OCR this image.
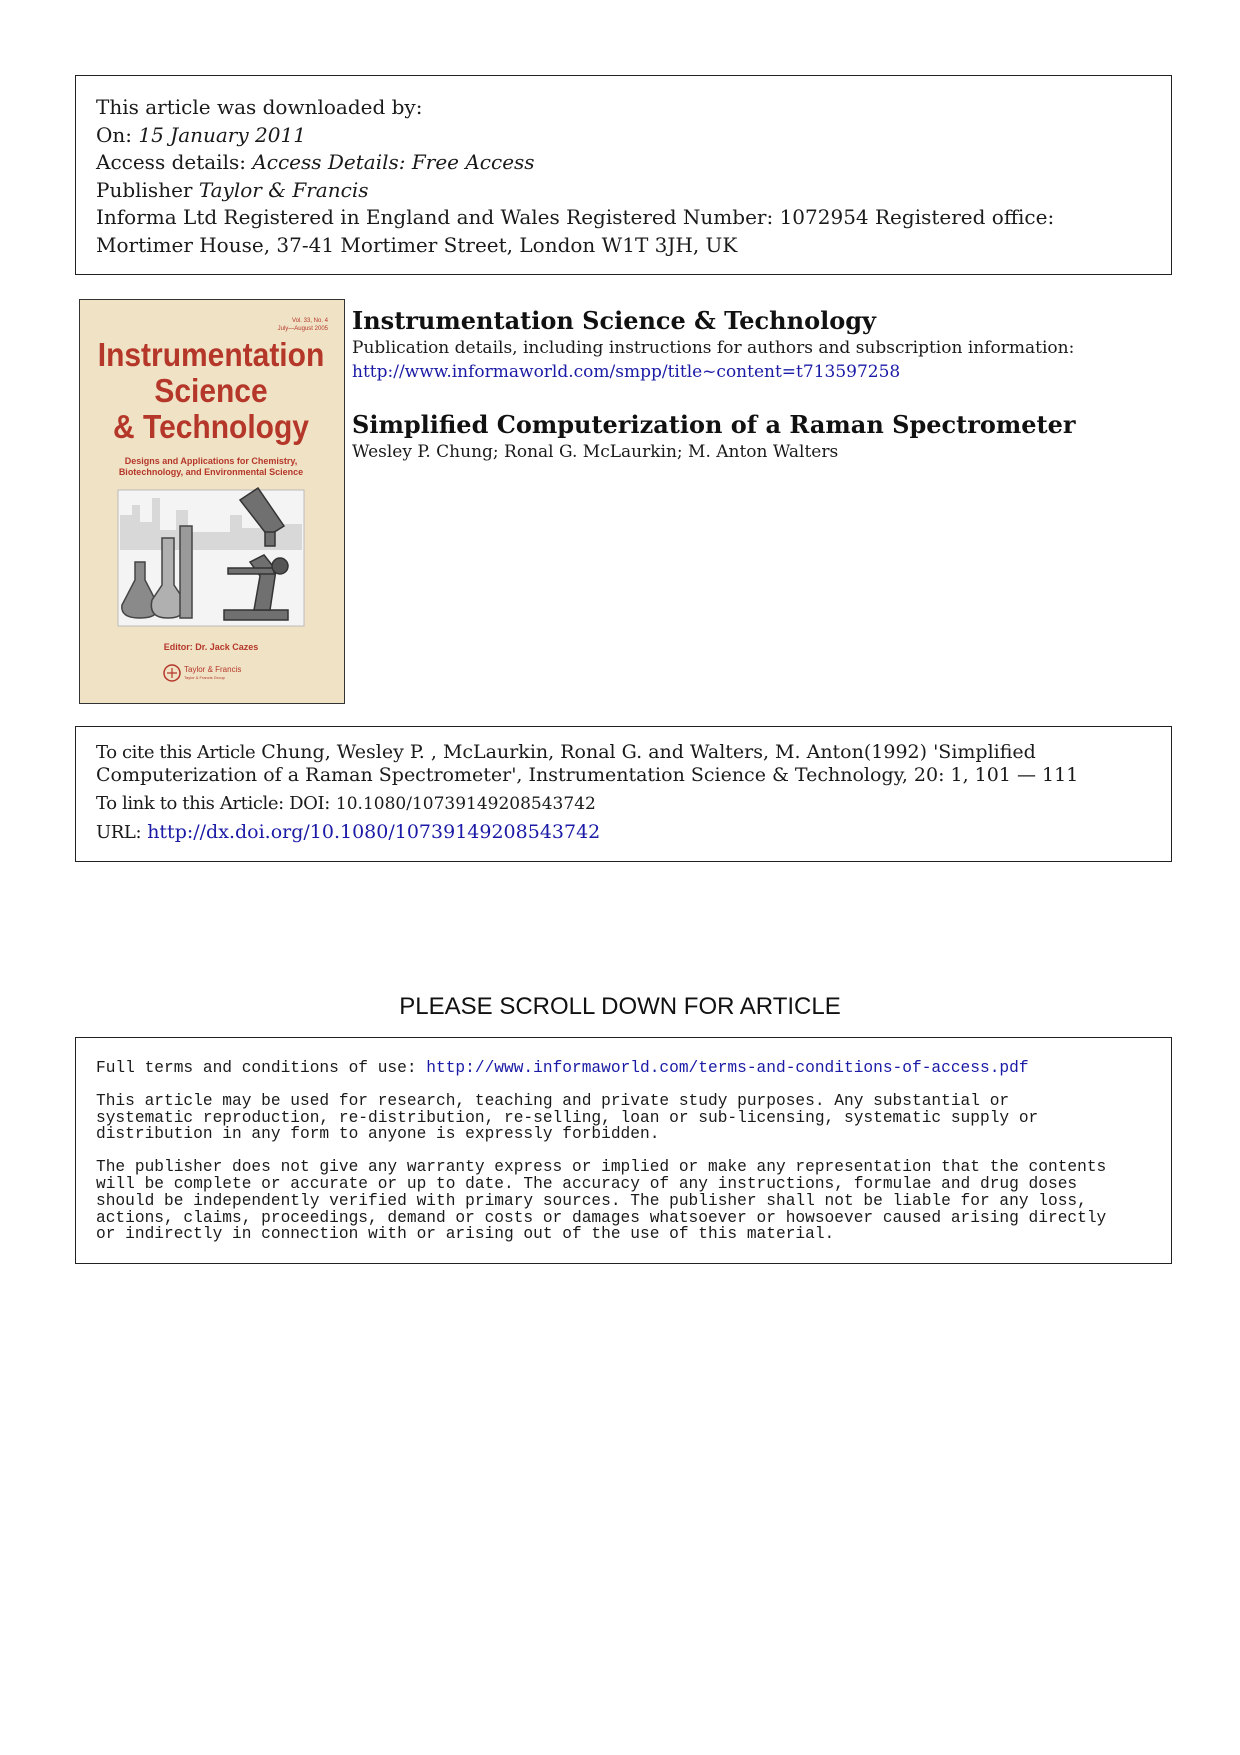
This article was downloaded by:
On: 15 January 2011
Access details: Access Details: Free Access
Publisher Taylor & Francis
Informa Ltd Registered in England and Wales Registered Number: 1072954 Registered office: Mortimer House, 37-41 Mortimer Street, London W1T 3JH, UK
Vol. 33, No. 4
July—August 2005
Instrumentation
Science
& Technology
Designs and Applications for Chemistry,
Biotechnology, and Environmental Science
Editor: Dr. Jack Cazes
Taylor & Francis
Taylor & Francis Group
Instrumentation Science & Technology

Publication details, including instructions for authors and subscription information:

http://www.informaworld.com/smpp/title~content=t713597258
Simplified Computerization of a Raman Spectrometer

Wesley P. Chung; Ronal G. McLaurkin; M. Anton Walters

To cite this Article Chung, Wesley P. , McLaurkin, Ronal G. and Walters, M. Anton(1992) 'Simplified Computerization of a Raman Spectrometer', Instrumentation Science & Technology, 20: 1, 101 — 111
To link to this Article: DOI: 10.1080/10739149208543742
URL: http://dx.doi.org/10.1080/10739149208543742

PLEASE SCROLL DOWN FOR ARTICLE

Full terms and conditions of use: http://www.informaworld.com/terms-and-conditions-of-access.pdf

This article may be used for research, teaching and private study purposes. Any substantial or
systematic reproduction, re-distribution, re-selling, loan or sub-licensing, systematic supply or
distribution in any form to anyone is expressly forbidden.

The publisher does not give any warranty express or implied or make any representation that the contents
will be complete or accurate or up to date. The accuracy of any instructions, formulae and drug doses
should be independently verified with primary sources. The publisher shall not be liable for any loss,
actions, claims, proceedings, demand or costs or damages whatsoever or howsoever caused arising directly
or indirectly in connection with or arising out of the use of this material.
